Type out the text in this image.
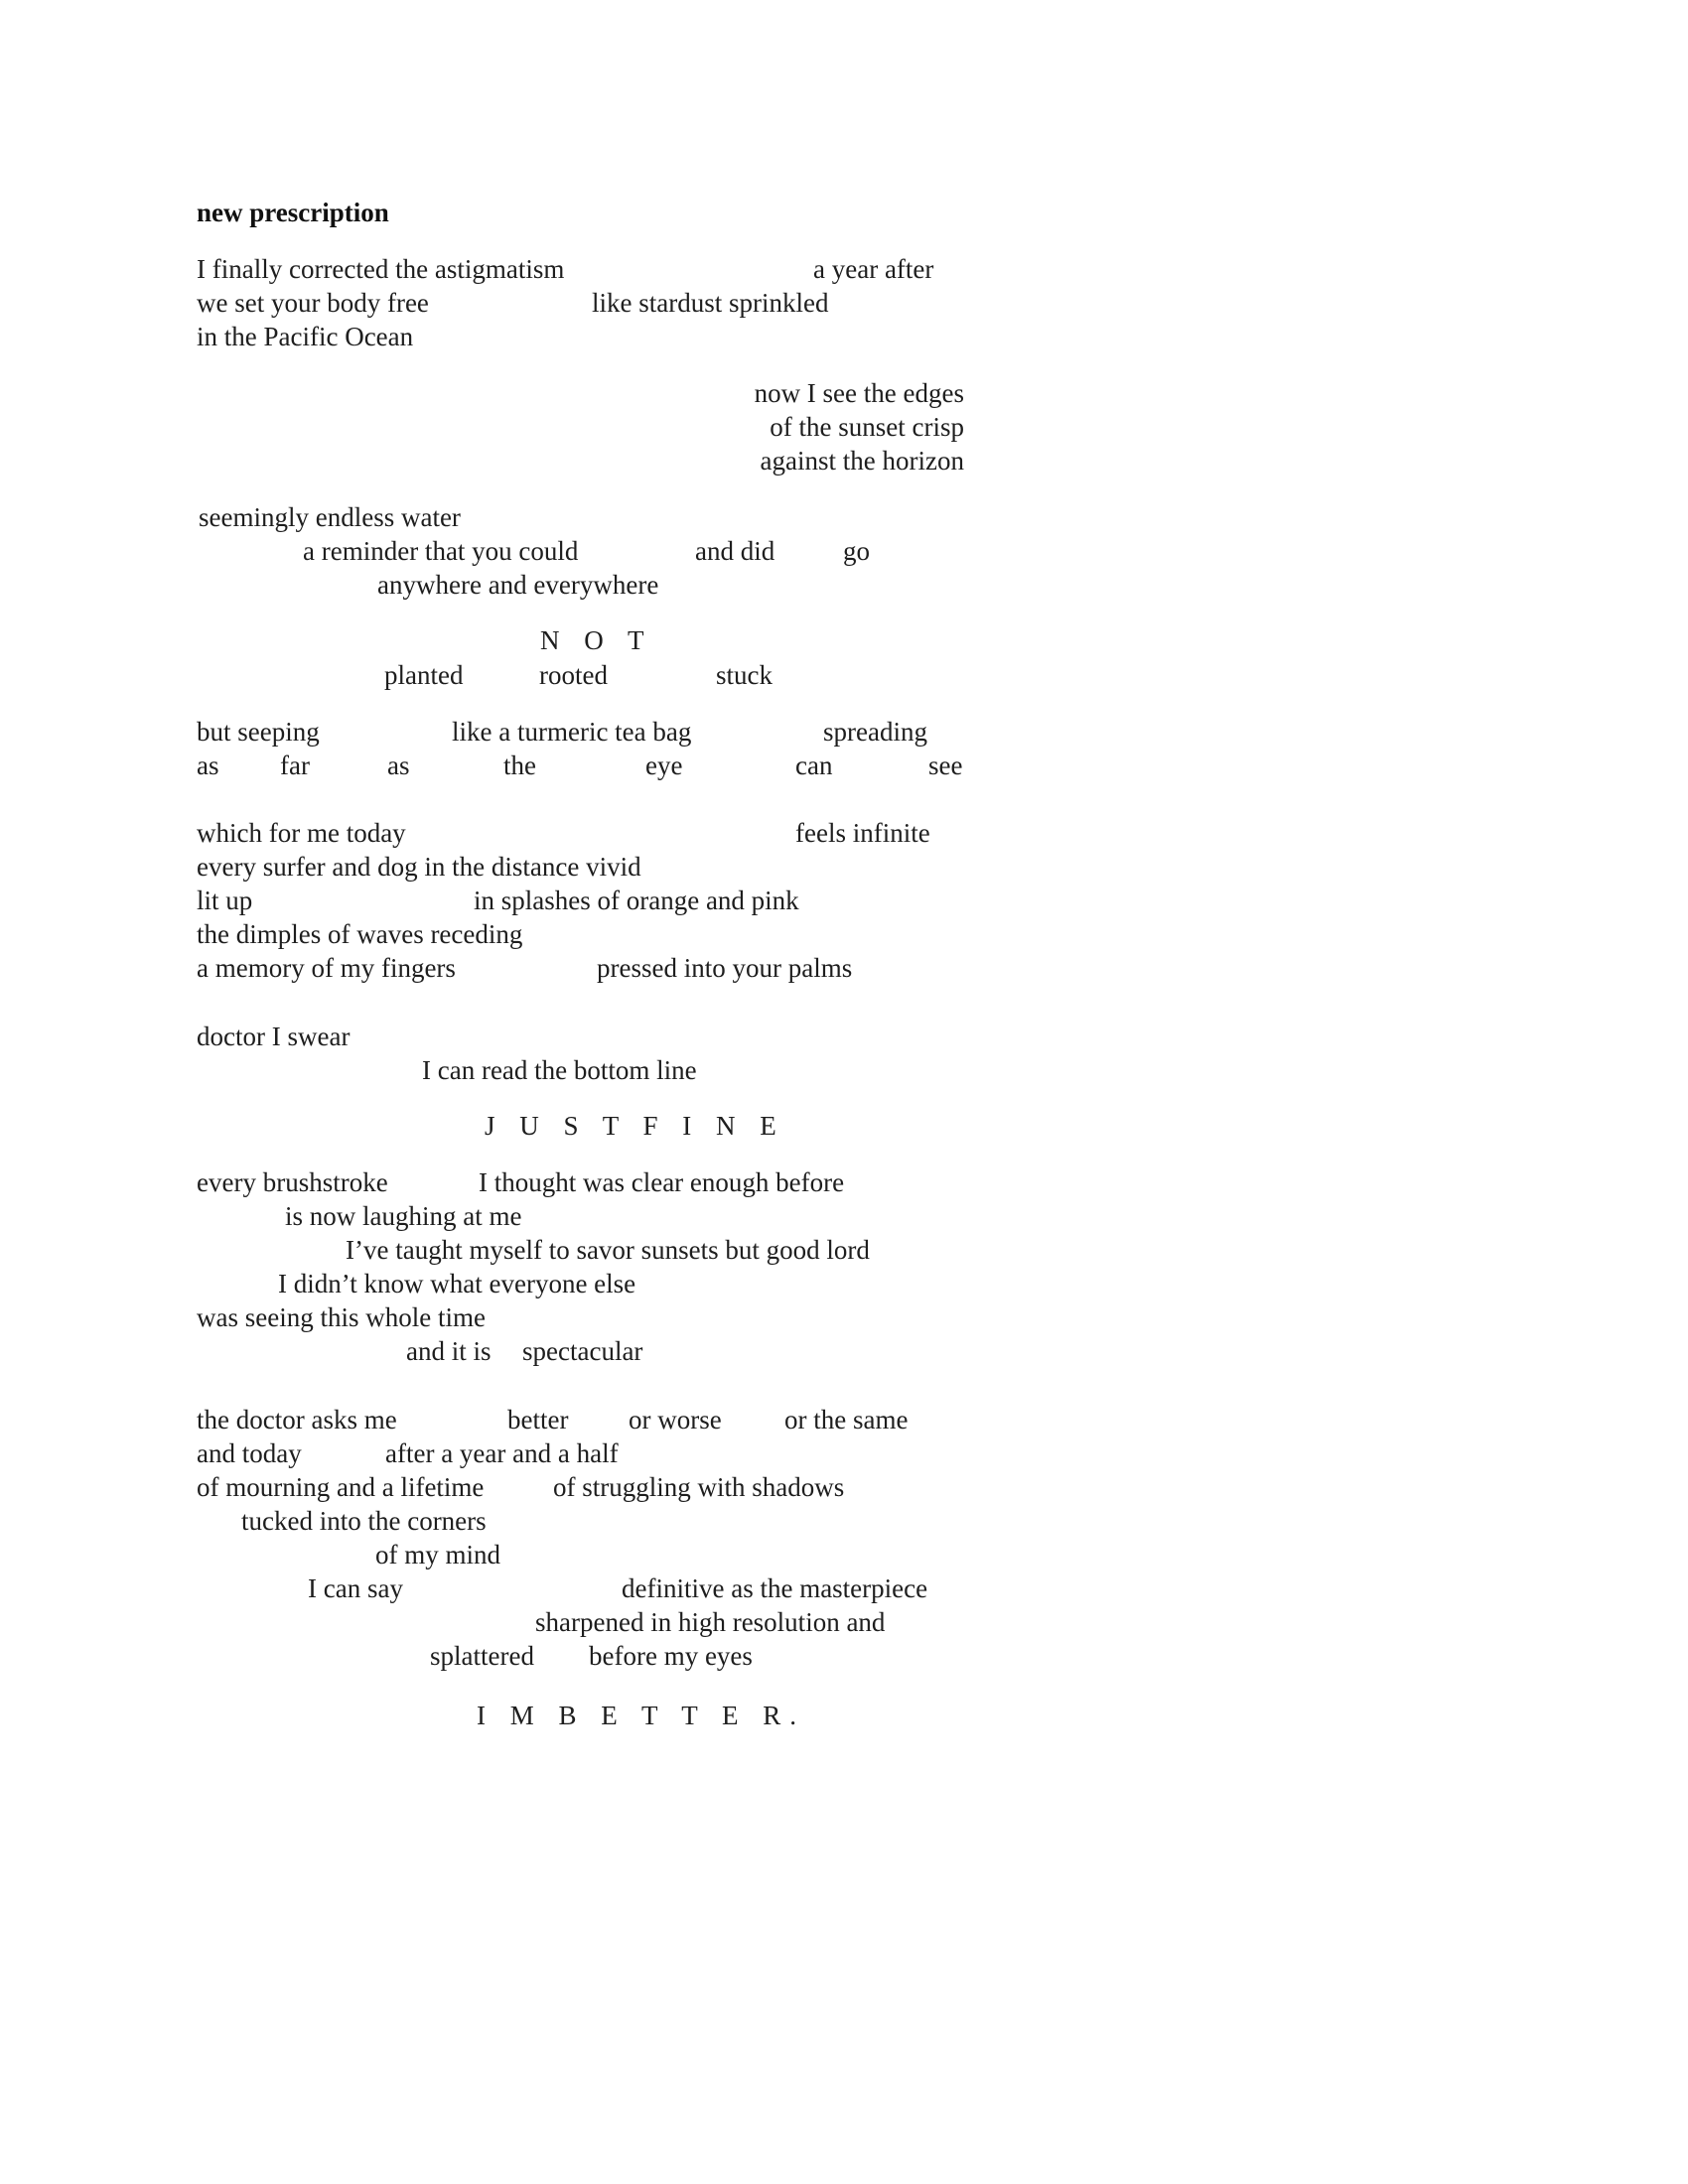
new prescription
I finally corrected the astigmatism	a year after
we set your body free	like stardust sprinkled
in the Pacific Ocean
now I see the edges
of the sunset crisp
against the horizon
seemingly endless water
a reminder that you could	and did	go
anywhere and everywhere
N O T
planted	rooted	stuck
but seeping	like a turmeric tea bag	spreading
as far	as	the	eye	can	see
which for me today	feels infinite
every surfer and dog in the distance vivid
lit up	in splashes of orange and pink
the dimples of waves receding
a memory of my fingers	pressed into your palms
doctor I swear
I can read the bottom line
J U S T F I N E
every brushstroke	I thought was clear enough before
is now laughing at me
I’ve taught myself to savor sunsets but good lord
I didn’t know what everyone else
was seeing this whole time
and it is spectacular
the doctor asks me	better or worse or the same
and today	after a year and a half
of mourning and a lifetime	of struggling with shadows
tucked into the corners
of my mind
I can say	definitive as the masterpiece
sharpened in high resolution and
splattered before my eyes
I M B E T T E R.
